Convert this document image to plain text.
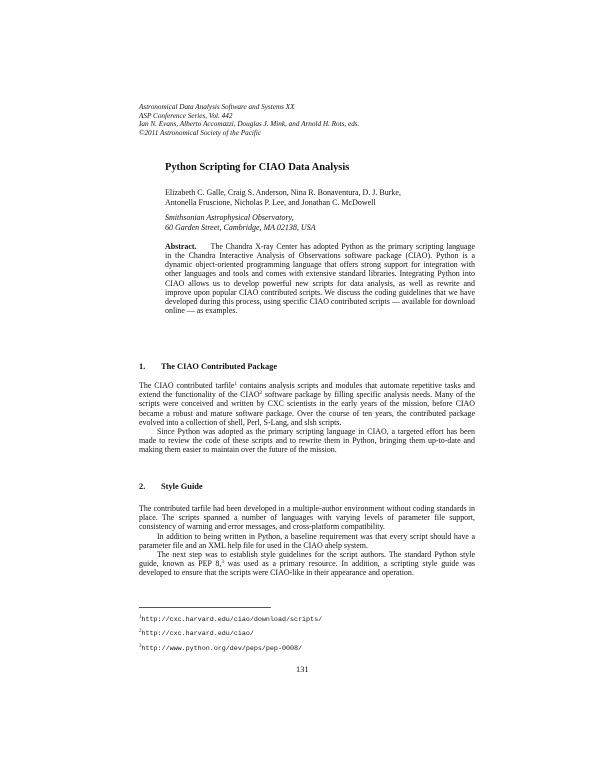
Astronomical Data Analysis Software and Systems XX
ASP Conference Series, Vol. 442
Ian N. Evans, Alberto Accomazzi, Douglas J. Mink, and Arnold H. Rots, eds.
©2011 Astronomical Society of the Pacific
Python Scripting for CIAO Data Analysis
Elizabeth C. Galle, Craig S. Anderson, Nina R. Bonaventura, D. J. Burke,
Antonella Fruscione, Nicholas P. Lee, and Jonathan C. McDowell
Smithsonian Astrophysical Observatory,
60 Garden Street, Cambridge, MA 02138, USA

Abstract. The Chandra X-ray Center has adopted Python as the primary scripting language in the Chandra Interactive Analysis of Observations software package (CIAO). Python is a dynamic object-oriented programming language that offers strong support for integration with other languages and tools and comes with extensive standard libraries. Integrating Python into CIAO allows us to develop powerful new scripts for data analysis, as well as rewrite and improve upon popular CIAO contributed scripts. We discuss the coding guidelines that we have developed during this process, using specific CIAO contributed scripts — available for download online — as examples.

1. The CIAO Contributed Package

The CIAO contributed tarfile$^1$ contains analysis scripts and modules that automate repetitive tasks and extend the functionality of the CIAO$^2$ software package by filling specific analysis needs. Many of the scripts were conceived and written by CXC scientists in the early years of the mission, before CIAO became a robust and mature software package. Over the course of ten years, the contributed package evolved into a collection of shell, Perl, S-Lang, and slsh scripts.

Since Python was adopted as the primary scripting language in CIAO, a targeted effort has been made to review the code of these scripts and to rewrite them in Python, bringing them up-to-date and making them easier to maintain over the future of the mission.

2. Style Guide

The contributed tarfile had been developed in a multiple-author environment without coding standards in place. The scripts spanned a number of languages with varying levels of parameter file support, consistency of warning and error messages, and cross-platform compatibility.

In addition to being written in Python, a baseline requirement was that every script should have a parameter file and an XML help file for used in the CIAO ahelp system.

The next step was to establish style guidelines for the script authors. The standard Python style guide, known as PEP 8,$^3$ was used as a primary resource. In addition, a scripting style guide was developed to ensure that the scripts were CIAO-like in their appearance and operation.

$^1$http://cxc.harvard.edu/ciao/download/scripts/
$^2$http://cxc.harvard.edu/ciao/
$^3$http://www.python.org/dev/peps/pep-0008/
131
